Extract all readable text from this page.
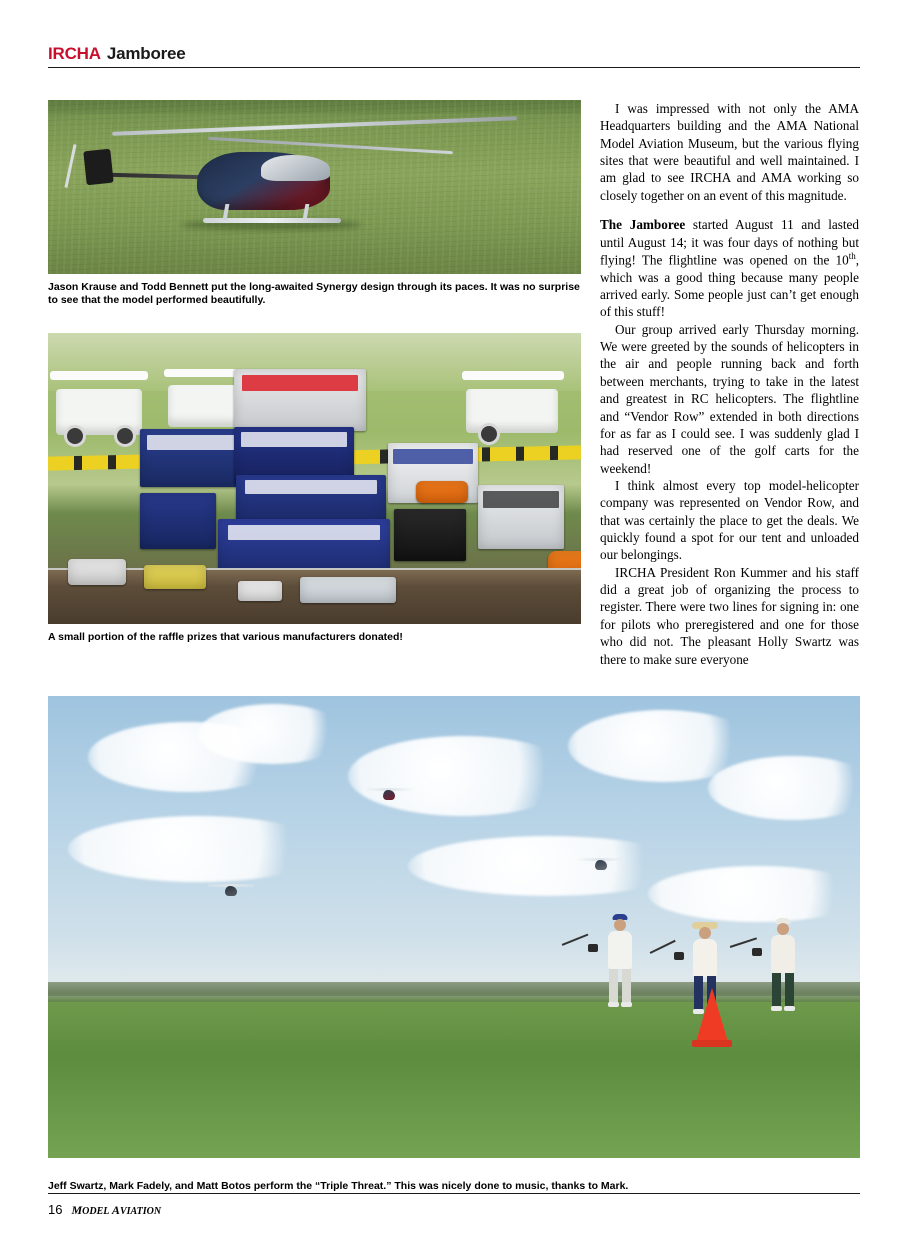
IRCHA Jamboree
Jason Krause and Todd Bennett put the long-awaited Synergy design through its paces. It was no surprise to see that the model performed beautifully.
A small portion of the raffle prizes that various manufacturers donated!

I was impressed with not only the AMA Headquarters building and the AMA National Model Aviation Museum, but the various flying sites that were beautiful and well maintained. I am glad to see IRCHA and AMA working so closely together on an event of this magnitude.

The Jamboree started August 11 and lasted until August 14; it was four days of nothing but flying! The flightline was opened on the 10th, which was a good thing because many people arrived early. Some people just can’t get enough of this stuff!

Our group arrived early Thursday morning. We were greeted by the sounds of helicopters in the air and people running back and forth between merchants, trying to take in the latest and greatest in RC helicopters. The flightline and “Vendor Row” extended in both directions for as far as I could see. I was suddenly glad I had reserved one of the golf carts for the weekend!

I think almost every top model-helicopter company was represented on Vendor Row, and that was certainly the place to get the deals. We quickly found a spot for our tent and unloaded our belongings.

IRCHA President Ron Kummer and his staff did a great job of organizing the process to register. There were two lines for signing in: one for pilots who preregistered and one for those who did not. The pleasant Holly Swartz was there to make sure everyone

Jeff Swartz, Mark Fadely, and Matt Botos perform the “Triple Threat.” This was nicely done to music, thanks to Mark.
16 MODEL AVIATION
